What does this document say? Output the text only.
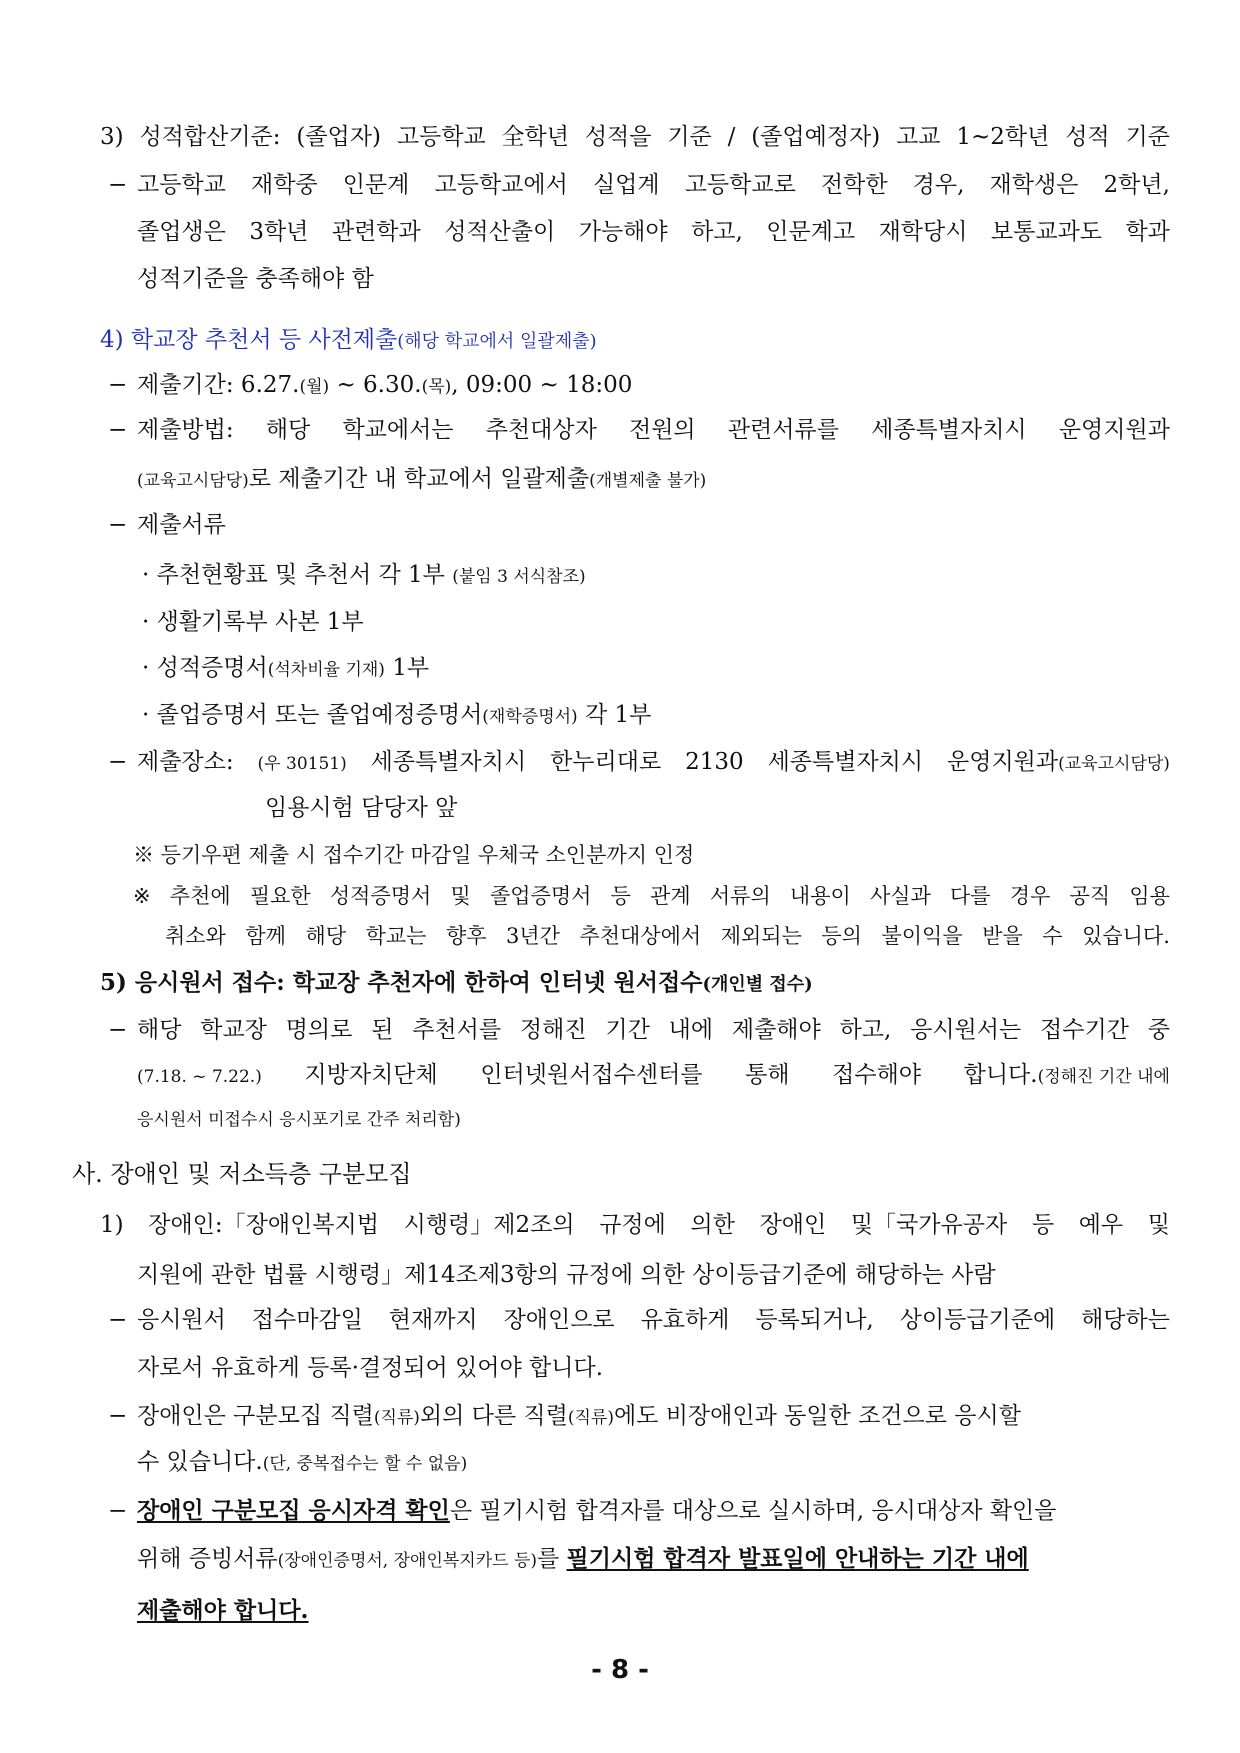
3) 성적합산기준: (졸업자) 고등학교 全학년 성적을 기준 / (졸업예정자) 고교 1~2학년 성적 기준
− 고등학교 재학중 인문계 고등학교에서 실업계 고등학교로 전학한 경우, 재학생은 2학년,
졸업생은 3학년 관련학과 성적산출이 가능해야 하고, 인문계고 재학당시 보통교과도 학과
성적기준을 충족해야 함
4) 학교장 추천서 등 사전제출 (해당 학교에서 일괄제출)
− 제출기간: 6.27. (월) ~ 6.30. (목) , 09:00 ~ 18:00
− 제출방법: 해당 학교에서는 추천대상자 전원의 관련서류를 세종특별자치시 운영지원과
(교육고시담당) 로 제출기간 내 학교에서 일괄제출 (개별제출 불가)
− 제출서류
· 추천현황표 및 추천서 각 1부 (붙임 3 서식참조)
· 생활기록부 사본 1부
· 성적증명서 (석차비율 기재) 1부
· 졸업증명서 또는 졸업예정증명서 (재학증명서) 각 1부
− 제출장소: (우 30151) 세종특별자치시 한누리대로 2130 세종특별자치시 운영지원과(교육고시담당)
임용시험 담당자 앞
※ 등기우편 제출 시 접수기간 마감일 우체국 소인분까지 인정
※ 추천에 필요한 성적증명서 및 졸업증명서 등 관계 서류의 내용이 사실과 다를 경우 공직 임용
취소와 함께 해당 학교는 향후 3년간 추천대상에서 제외되는 등의 불이익을 받을 수 있습니다.
5) 응시원서 접수: 학교장 추천자에 한하여 인터넷 원서접수 (개인별 접수)
− 해당 학교장 명의로 된 추천서를 정해진 기간 내에 제출해야 하고, 응시원서는 접수기간 중
(7.18. ~ 7.22.) 지방자치단체 인터넷원서접수센터를 통해 접수해야 합니다.(정해진 기간 내에
응시원서 미접수시 응시포기로 간주 처리함)
사. 장애인 및 저소득층 구분모집
1) 장애인:「장애인복지법 시행령」제2조의 규정에 의한 장애인 및「국가유공자 등 예우 및
지원에 관한 법률 시행령」제14조제3항의 규정에 의한 상이등급기준에 해당하는 사람
− 응시원서 접수마감일 현재까지 장애인으로 유효하게 등록되거나, 상이등급기준에 해당하는
자로서 유효하게 등록·결정되어 있어야 합니다.
− 장애인은 구분모집 직렬 (직류) 외의 다른 직렬 (직류) 에도 비장애인과 동일한 조건으로 응시할
수 있습니다. (단, 중복접수는 할 수 없음)
− 장애인 구분모집 응시자격 확인 은 필기시험 합격자를 대상으로 실시하며, 응시대상자 확인을
위해 증빙서류 (장애인증명서, 장애인복지카드 등) 를 필기시험 합격자 발표일에 안내하는 기간 내에
제출해야 합니다.
- 8 -
